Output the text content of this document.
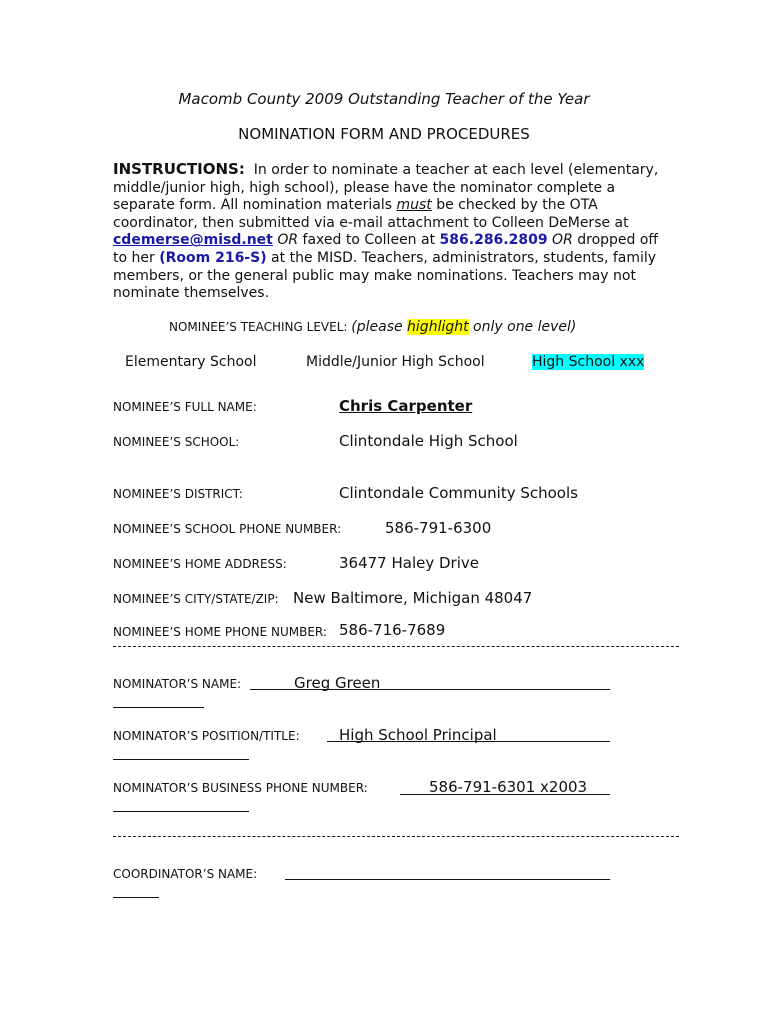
Macomb County 2009 Outstanding Teacher of the Year
NOMINATION FORM AND PROCEDURES
INSTRUCTIONS: In order to nominate a teacher at each level (elementary, middle/junior high, high school), please have the nominator complete a separate form. All nomination materials must be checked by the OTA coordinator, then submitted via e-mail attachment to Colleen DeMerse at cdemerse@misd.net OR faxed to Colleen at 586.286.2809 OR dropped off to her (Room 216-S) at the MISD. Teachers, administrators, students, family members, or the general public may make nominations. Teachers may not nominate themselves.
NOMINEE’S TEACHING LEVEL: (please highlight only one level)
Elementary School	Middle/Junior High School	High School xxx
NOMINEE’S FULL NAME:	Chris Carpenter
NOMINEE’S SCHOOL:	Clintondale High School
NOMINEE’S DISTRICT:	Clintondale Community Schools
NOMINEE’S SCHOOL PHONE NUMBER:	586-791-6300
NOMINEE’S HOME ADDRESS:	36477 Haley Drive
NOMINEE’S CITY/STATE/ZIP: New Baltimore, Michigan 48047
NOMINEE’S HOME PHONE NUMBER: 586-716-7689
NOMINATOR’S NAME:	Greg Green
NOMINATOR’S POSITION/TITLE:	High School Principal
NOMINATOR’S BUSINESS PHONE NUMBER:	586-791-6301 x2003
COORDINATOR’S NAME:
